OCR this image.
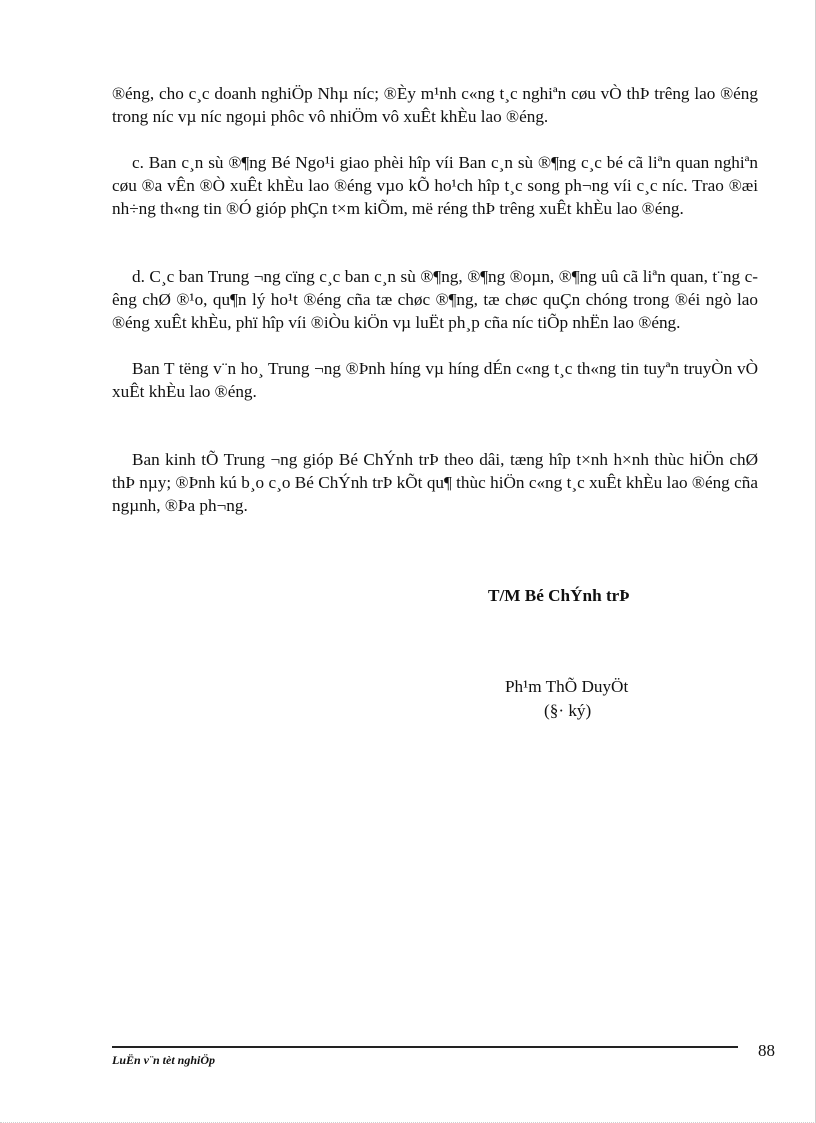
®éng, cho c¸c doanh nghiÖp Nhµ níc; ®Èy m¹nh c«ng t¸c nghiªn cøu vÒ thÞ trêng lao ®éng trong níc vµ níc ngoµi phôc vô nhiÖm vô xuÊt khÈu lao ®éng.

c. Ban c¸n sù ®¶ng Bé Ngo¹i giao phèi hîp víi Ban c¸n sù ®¶ng c¸c bé cã liªn quan nghiªn cøu ®a vÊn ®Ò xuÊt khÈu lao ®éng vµo kÕ ho¹ch hîp t¸c song ph¬ng víi c¸c níc. Trao ®æi nh÷ng th«ng tin ®Ó gióp phÇn t×m kiÕm, më réng thÞ trêng xuÊt khÈu lao ®éng.

d. C¸c ban Trung ¬ng cïng c¸c ban c¸n sù ®¶ng, ®¶ng ®oµn, ®¶ng uû cã liªn quan, t¨ng cêng chØ ®¹o, qu¶n lý ho¹t ®éng cña tæ chøc ®¶ng, tæ chøc quÇn chóng trong ®éi ngò lao ®éng xuÊt khÈu, phï hîp víi ®iÒu kiÖn vµ luËt ph¸p cña níc tiÕp nhËn lao ®éng.

Ban T tëng v¨n ho¸ Trung ¬ng ®Þnh híng vµ híng dÉn c«ng t¸c th«ng tin tuyªn truyÒn vÒ xuÊt khÈu lao ®éng.

Ban kinh tÕ Trung ¬ng gióp Bé ChÝnh trÞ theo dâi, tæng hîp t×nh h×nh thùc hiÖn chØ thÞ nµy; ®Þnh kú b¸o c¸o Bé ChÝnh trÞ kÕt qu¶ thùc hiÖn c«ng t¸c xuÊt khÈu lao ®éng cña ngµnh, ®Þa ph¬ng.

T/M Bé ChÝnh trÞ
Ph¹m ThÕ DuyÖt
(§· ký)
LuËn v¨n tèt nghiÖp	88
